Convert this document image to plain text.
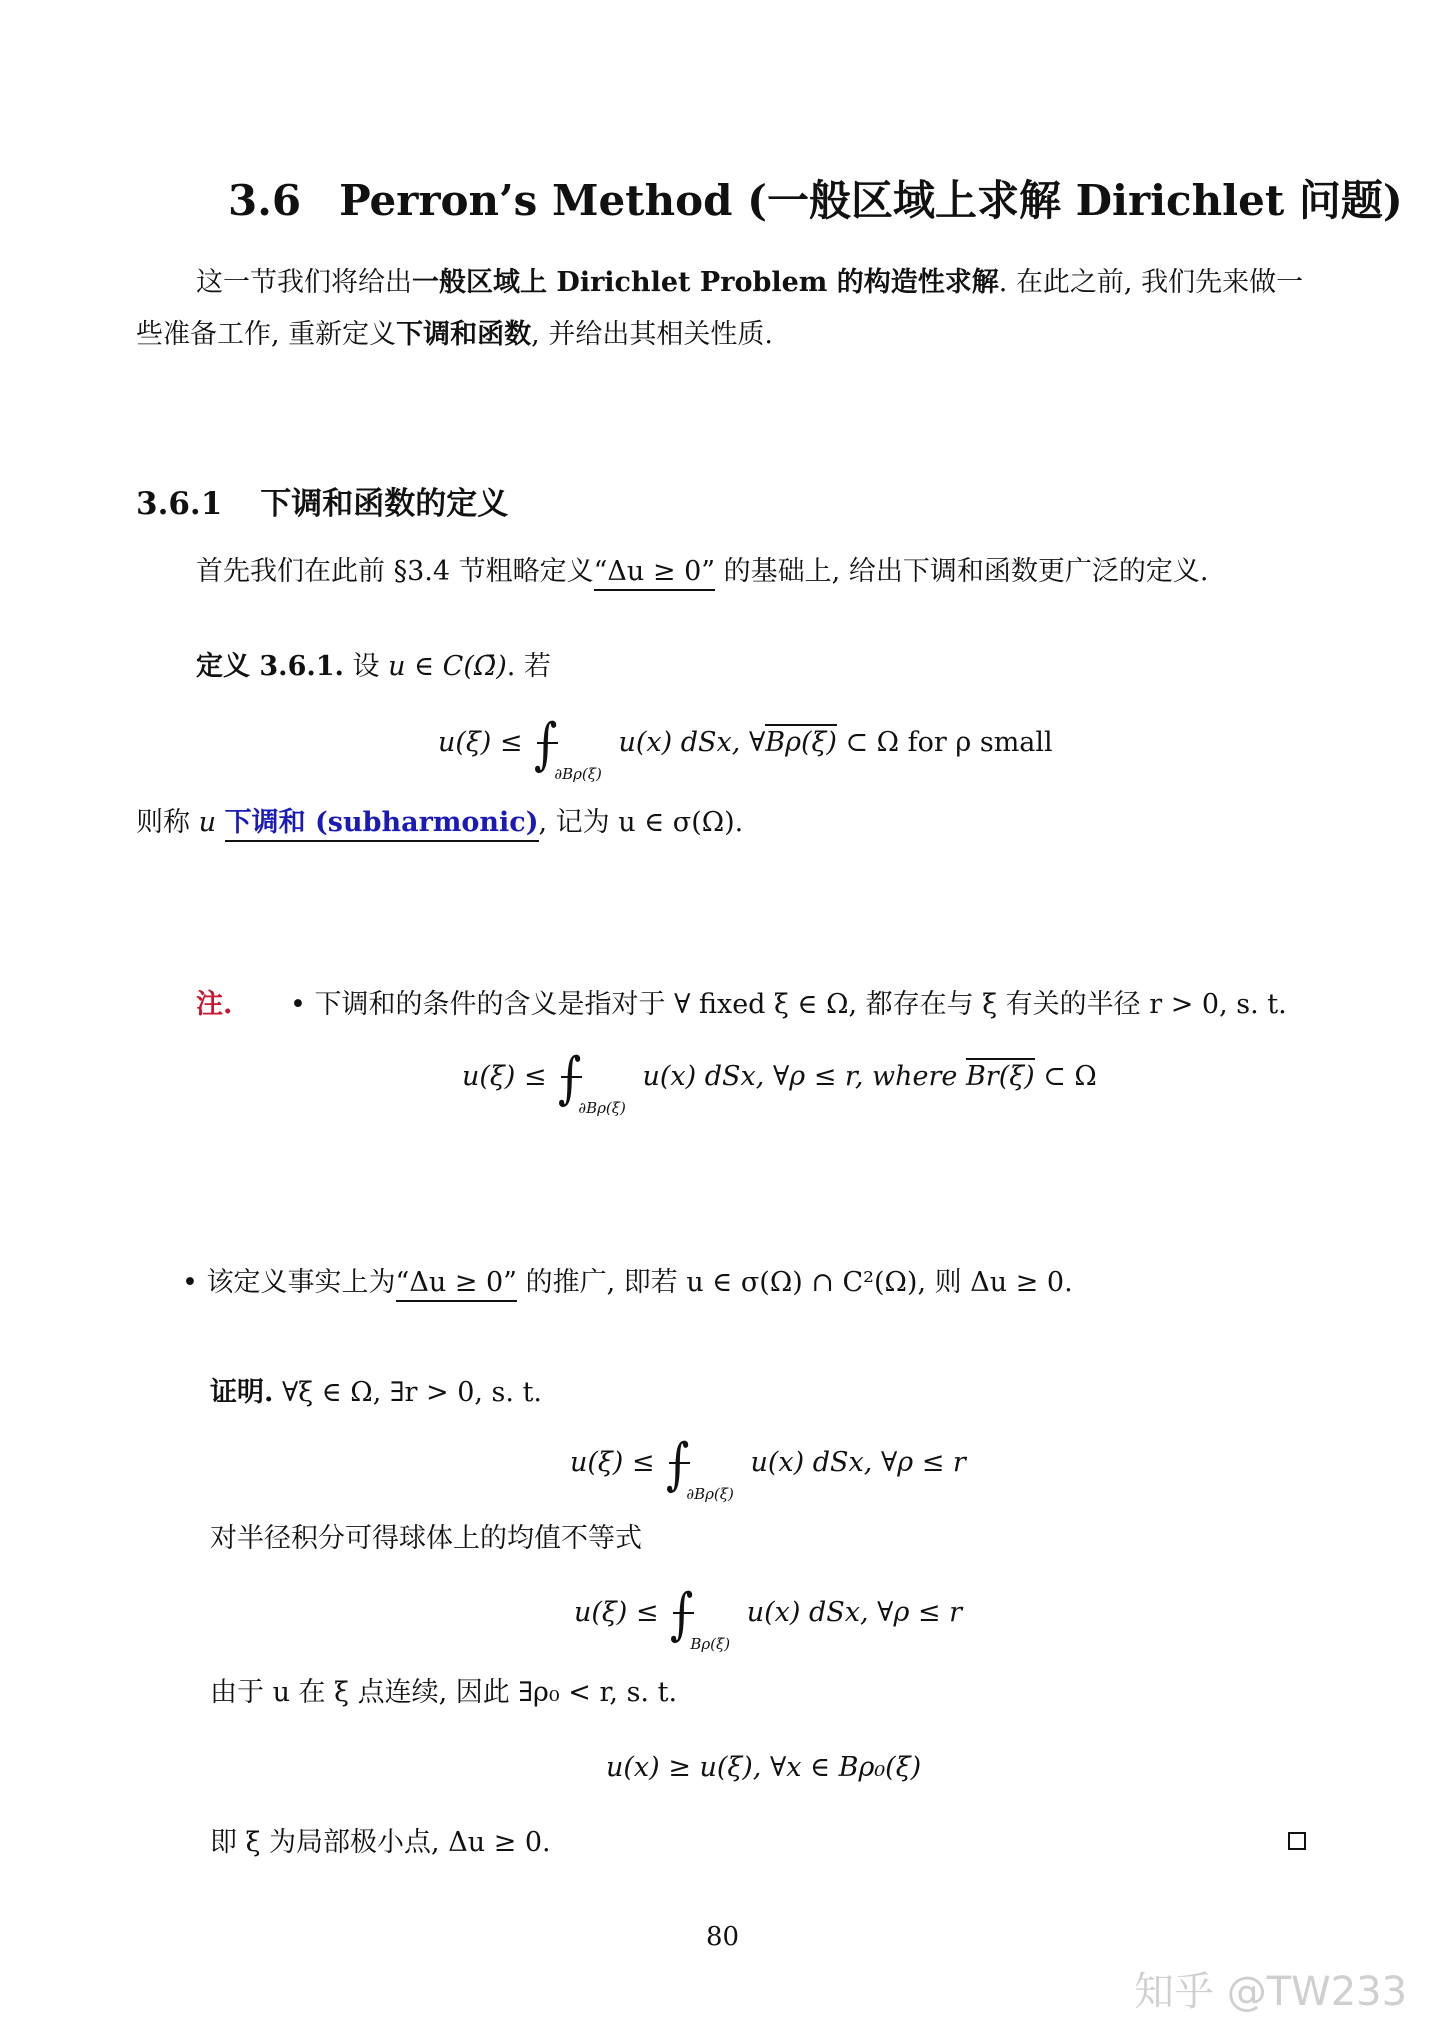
3.6 Perron’s Method (一般区域上求解 Dirichlet 问题)
这一节我们将给出一般区域上 Dirichlet Problem 的构造性求解. 在此之前, 我们先来做一
些准备工作, 重新定义下调和函数, 并给出其相关性质.
3.6.1 下调和函数的定义
首先我们在此前 §3.4 节粗略定义“Δu ≥ 0” 的基础上, 给出下调和函数更广泛的定义.
定义 3.6.1. 设 u ∈ C(Ω̄). 若
$u(\xi) \le \int_{\partial B\rho(\xi)}$ u(x) dSx, ∀Bρ(ξ) ⊂ Ω for ρ small
则称 u 下调和 (subharmonic), 记为 u ∈ σ(Ω).
注. • 下调和的条件的含义是指对于 ∀ fixed ξ ∈ Ω, 都存在与 ξ 有关的半径 r > 0, s. t.
$u(\xi) \le \int_{\partial B\rho(\xi)}$ u(x) dSx, ∀ρ ≤ r, where Br(ξ) ⊂ Ω
• 该定义事实上为“Δu ≥ 0” 的推广, 即若 u ∈ σ(Ω) ∩ C²(Ω), 则 Δu ≥ 0.
证明. ∀ξ ∈ Ω, ∃r > 0, s. t.
$u(\xi) \le \int_{\partial B\rho(\xi)}$ u(x) dSx, ∀ρ ≤ r
对半径积分可得球体上的均值不等式
$u(\xi) \le \int_{B\rho(\xi)}$ u(x) dSx, ∀ρ ≤ r
由于 u 在 ξ 点连续, 因此 ∃ρ₀ < r, s. t.
u(x) ≥ u(ξ), ∀x ∈ Bρ₀(ξ)
即 ξ 为局部极小点, Δu ≥ 0.
80
知乎 @TW233
